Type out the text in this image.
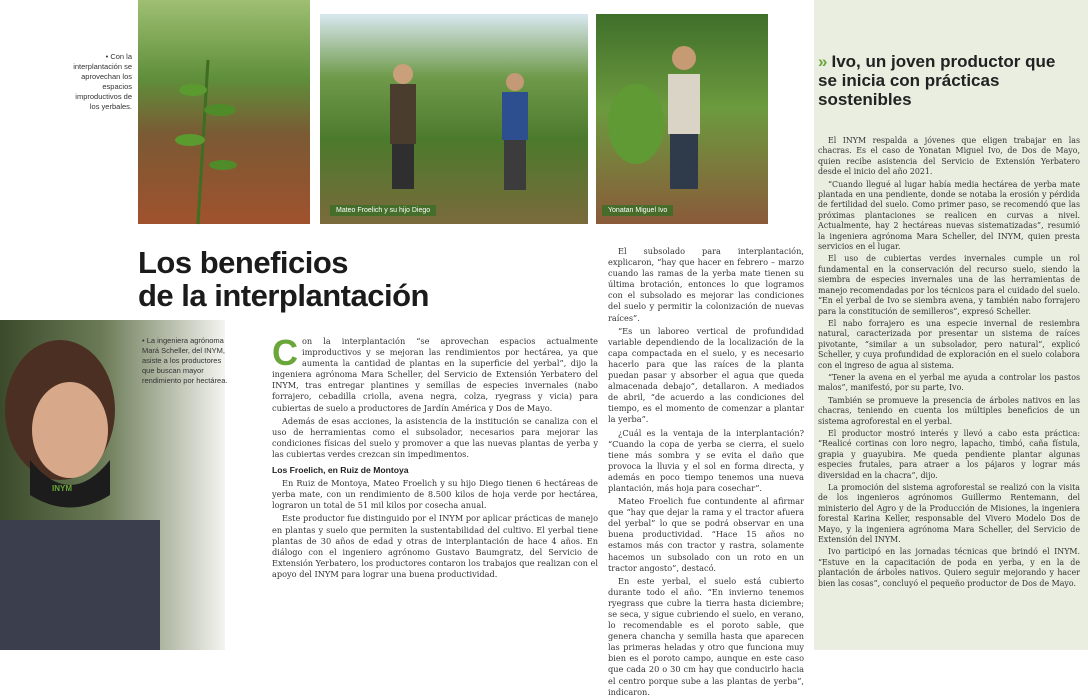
• Con la interplantación se aprovechan los espacios improductivos de los yerbales.
Mateo Froelich y su hijo Diego	Yonatan Miguel Ivo
Los beneficios
de la interplantación
INYM
• La ingeniera agrónoma Mará Scheller, del INYM, asiste a los productores que buscan mayor rendimiento por hectárea.

Con la interplantación “se aprovechan espacios actualmente improductivos y se mejoran las rendimientos por hectárea, ya que aumenta la cantidad de plantas en la superficie del yerbal”, dijo la ingeniera agrónoma Mara Scheller, del Servicio de Extensión Yerbatero del INYM, tras entregar plantines y semillas de especies invernales (nabo forrajero, cebadilla criolla, avena negra, colza, ryegrass y vicia) para cubiertas de suelo a productores de Jardín América y Dos de Mayo.

Además de esas acciones, la asistencia de la institución se canaliza con el uso de herramientas como el subsolador, necesarios para mejorar las condiciones físicas del suelo y promover a que las nuevas plantas de yerba y las cubiertas verdes crezcan sin impedimentos.

Los Froelich, en Ruiz de Montoya

En Ruiz de Montoya, Mateo Froelich y su hijo Diego tienen 6 hectáreas de yerba mate, con un rendimiento de 8.500 kilos de hoja verde por hectárea, lograron un total de 51 mil kilos por cosecha anual.

Este productor fue distinguido por el INYM por aplicar prácticas de manejo en plantas y suelo que permiten la sustentabilidad del cultivo. El yerbal tiene plantas de 30 años de edad y otras de interplantación de hace 4 años. En diálogo con el ingeniero agrónomo Gustavo Baumgratz, del Servicio de Extensión Yerbatero, los productores contaron los trabajos que realizan con el apoyo del INYM para lograr una buena productividad.

El subsolado para interplantación, explicaron, “hay que hacer en febrero – marzo cuando las ramas de la yerba mate tienen su última brotación, entonces lo que logramos con el subsolado es mejorar las condiciones del suelo y permitir la colonización de nuevas raíces”.

“Es un laboreo vertical de profundidad variable dependiendo de la localización de la capa compactada en el suelo, y es necesario hacerlo para que las raíces de la planta puedan pasar y absorber el agua que queda almacenada debajo”, detallaron. A mediados de abril, “de acuerdo a las condiciones del tiempo, es el momento de comenzar a plantar la yerba”.

¿Cuál es la ventaja de la interplantación? “Cuando la copa de yerba se cierra, el suelo tiene más sombra y se evita el daño que provoca la lluvia y el sol en forma directa, y además en poco tiempo tenemos una nueva plantación, más hoja para cosechar”.

Mateo Froelich fue contundente al afirmar que “hay que dejar la rama y el tractor afuera del yerbal” lo que se podrá observar en una buena productividad. “Hace 15 años no estamos más con tractor y rastra, solamente hacemos un subsolado con un roto en un tractor angosto”, destacó.

En este yerbal, el suelo está cubierto durante todo el año. “En invierno tenemos ryegrass que cubre la tierra hasta diciembre; se seca, y sigue cubriendo el suelo, en verano, lo recomendable es el poroto sable, que genera chancha y semilla hasta que aparecen las primeras heladas y otro que funciona muy bien es el poroto campo, aunque en este caso que cada 20 o 30 cm hay que conducirlo hacia el centro porque sube a las plantas de yerba”, indicaron.

» Ivo, un joven productor que se inicia con prácticas sostenibles

El INYM respalda a jóvenes que eligen trabajar en las chacras. Es el caso de Yonatan Miguel Ivo, de Dos de Mayo, quien recibe asistencia del Servicio de Extensión Yerbatero desde el inicio del año 2021.

“Cuando llegué al lugar había media hectárea de yerba mate plantada en una pendiente, donde se notaba la erosión y pérdida de fertilidad del suelo. Como primer paso, se recomendó que las próximas plantaciones se realicen en curvas a nivel. Actualmente, hay 2 hectáreas nuevas sistematizadas”, resumió la ingeniera agrónoma Mara Scheller, del INYM, quien presta servicios en el lugar.

El uso de cubiertas verdes invernales cumple un rol fundamental en la conservación del recurso suelo, siendo la siembra de especies invernales una de las herramientas de manejo recomendadas por los técnicos para el cuidado del suelo. “En el yerbal de Ivo se siembra avena, y también nabo forrajero para la constitución de semilleros”, expresó Scheller.

El nabo forrajero es una especie invernal de resiembra natural, caracterizada por presentar un sistema de raíces pivotante, “similar a un subsolador, pero natural”, explicó Scheller, y cuya profundidad de exploración en el suelo colabora con el ingreso de agua al sistema.

“Tener la avena en el yerbal me ayuda a controlar los pastos malos”, manifestó, por su parte, Ivo.

También se promueve la presencia de árboles nativos en las chacras, teniendo en cuenta los múltiples beneficios de un sistema agroforestal en el yerbal.

El productor mostró interés y llevó a cabo esta práctica: “Realicé cortinas con loro negro, lapacho, timbó, caña fístula, grapia y guayubira. Me queda pendiente plantar algunas especies frutales, para atraer a los pájaros y lograr más diversidad en la chacra”, dijo.

La promoción del sistema agroforestal se realizó con la visita de los ingenieros agrónomos Guillermo Rentemann, del ministerio del Agro y de la Producción de Misiones, la ingeniera forestal Karina Keller, responsable del Vivero Modelo Dos de Mayo, y la ingeniera agrónoma Mara Scheller, del Servicio de Extensión del INYM.

Ivo participó en las jornadas técnicas que brindó el INYM. “Estuve en la capacitación de poda en yerba, y en la de plantación de árboles nativos. Quiero seguir mejorando y hacer bien las cosas”, concluyó el pequeño productor de Dos de Mayo.
